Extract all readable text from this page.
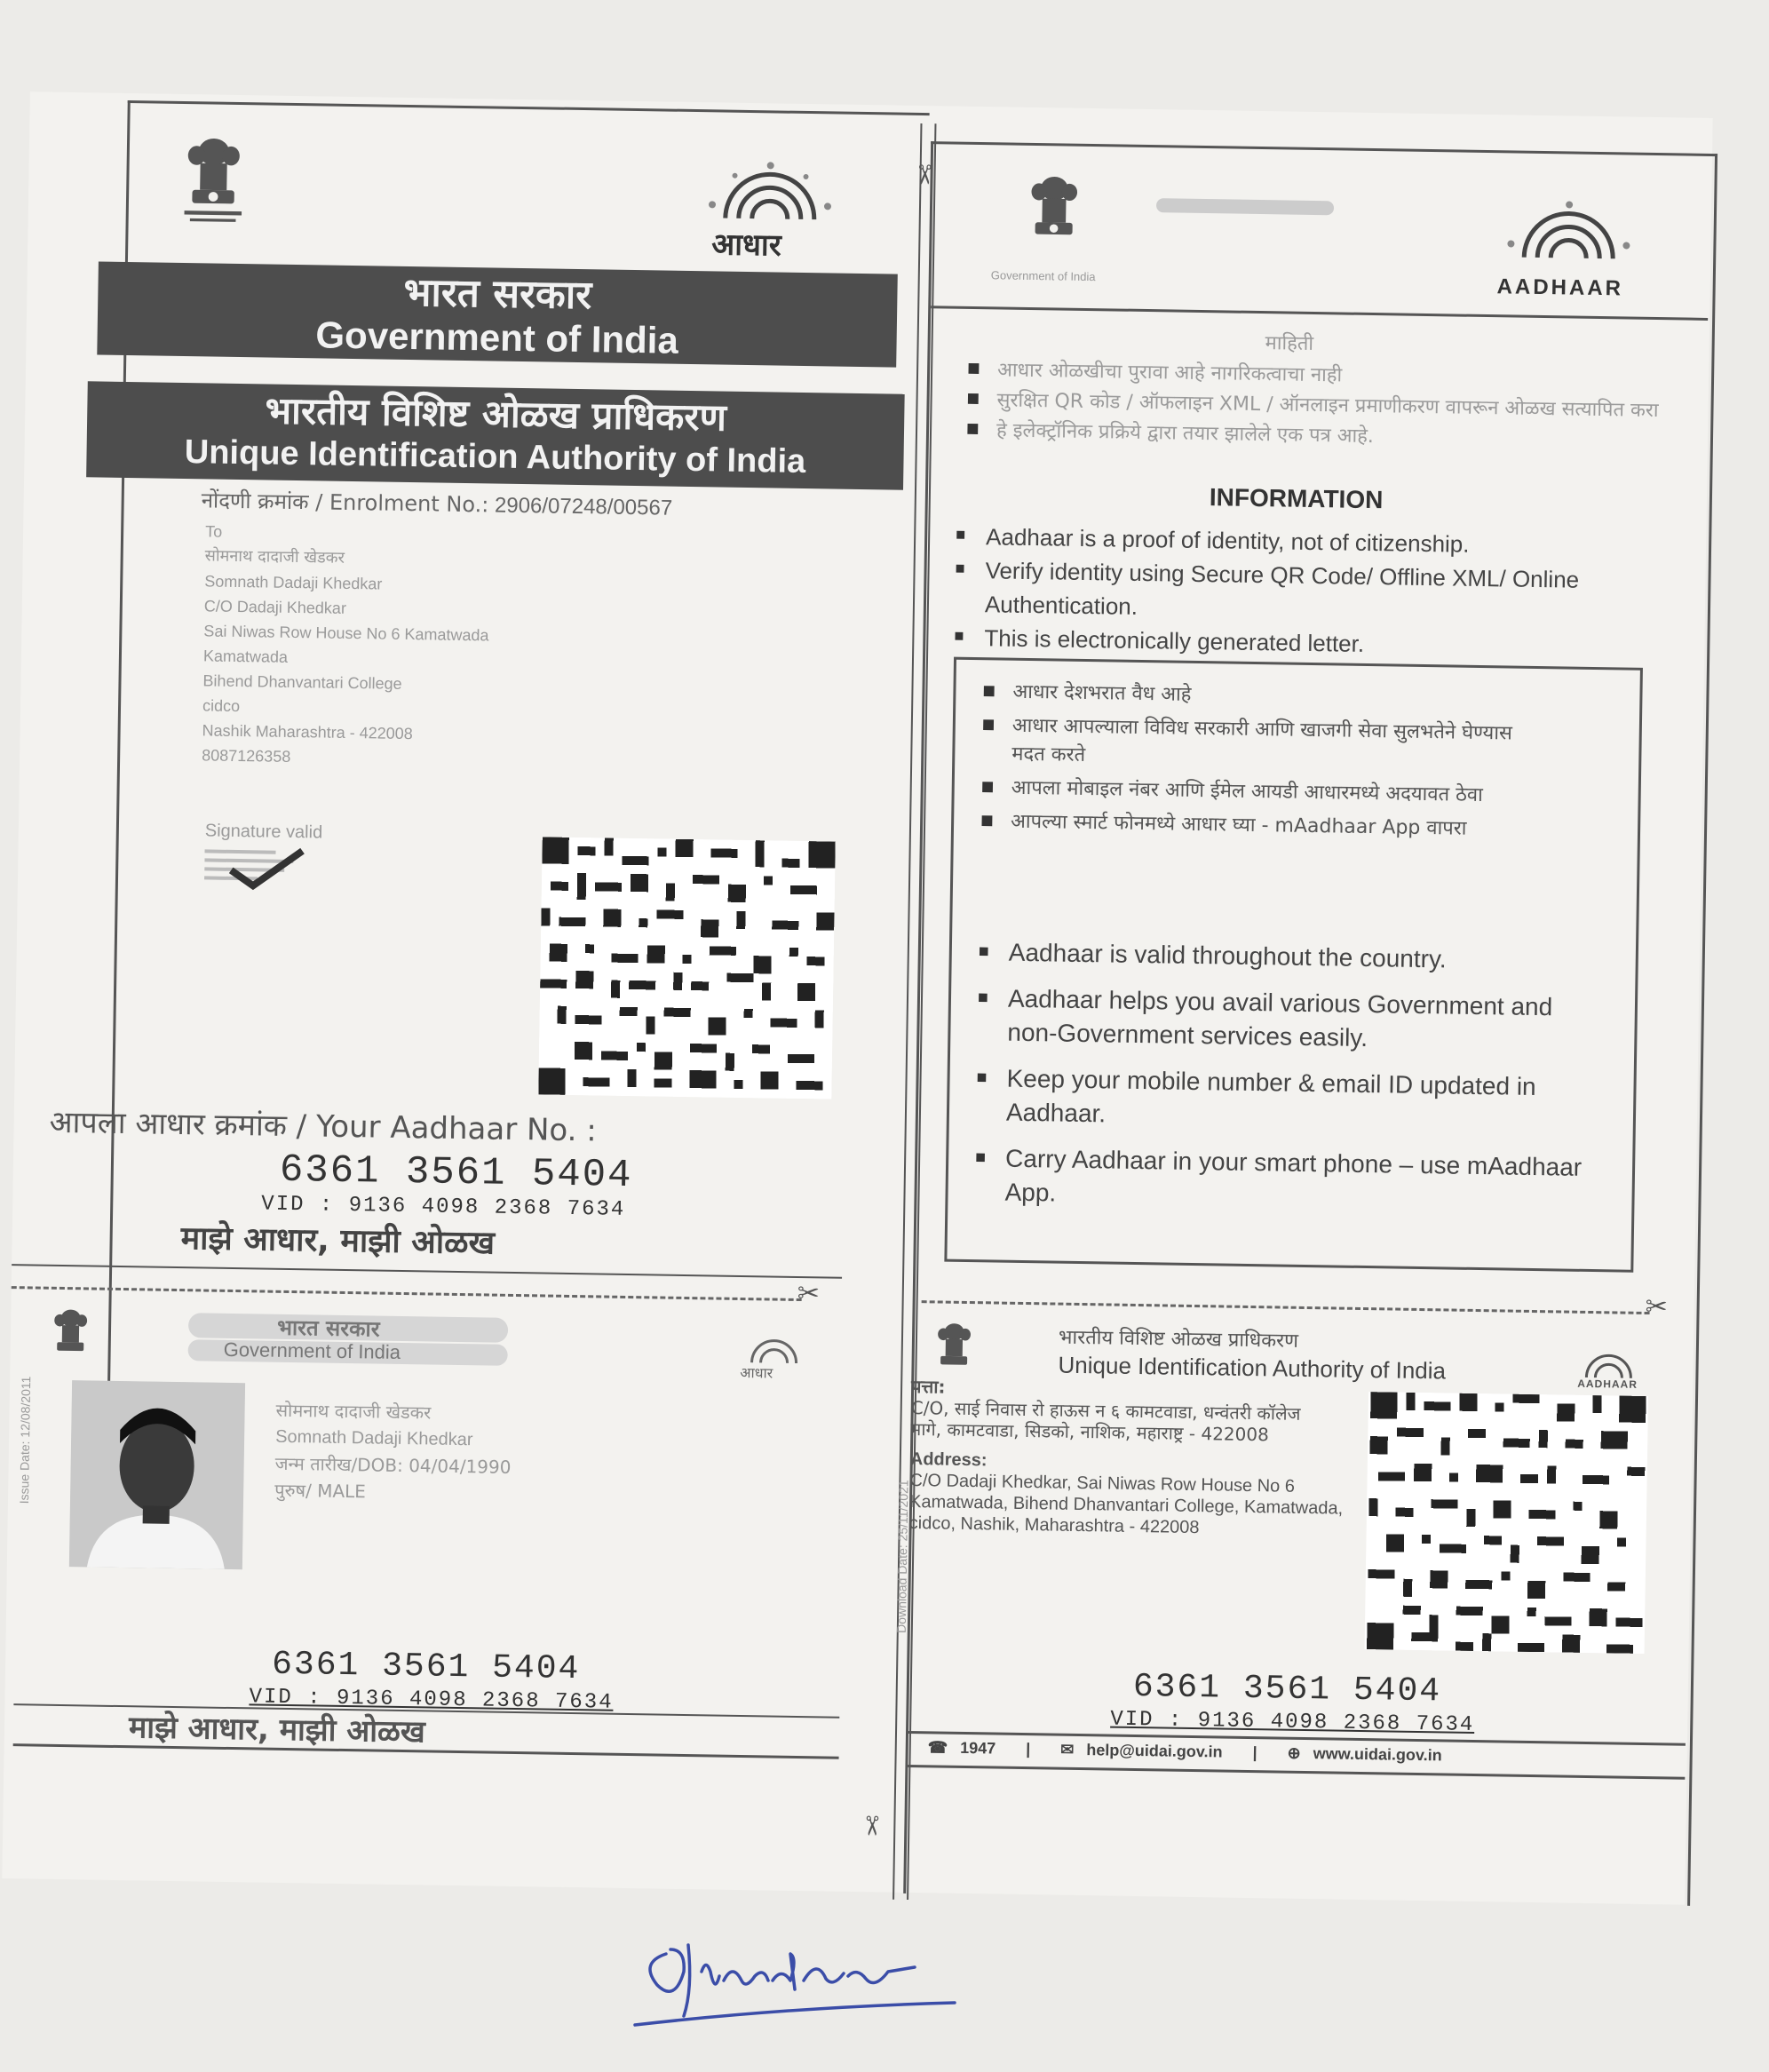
✂
✂
आधार
भारत सरकार
Government of India
भारतीय विशिष्ट ओळख प्राधिकरण
Unique Identification Authority of India
नोंदणी क्रमांक / Enrolment No.: 2906/07248/00567
To
सोमनाथ दादाजी खेडकर
Somnath Dadaji Khedkar
C/O Dadaji Khedkar
Sai Niwas Row House No 6 Kamatwada
Kamatwada
Bihend Dhanvantari College
cidco
Nashik Maharashtra - 422008
8087126358
Signature valid
आपला आधार क्रमांक / Your Aadhaar No. :
6361 3561 5404
VID : 9136 4098 2368 7634
माझे आधार, माझी ओळख
Government of India	AADHAAR
माहिती
■ आधार ओळखीचा पुरावा आहे नागरिकत्वाचा नाही
■ सुरक्षित QR कोड / ऑफलाइन XML / ऑनलाइन प्रमाणीकरण वापरून ओळख सत्यापित करा
■ हे इलेक्ट्रॉनिक प्रक्रिये द्वारा तयार झालेले एक पत्र आहे.
INFORMATION
■ Aadhaar is a proof of identity, not of citizenship.
■ Verify identity using Secure QR Code/ Offline XML/ Online Authentication.
■ This is electronically generated letter.
■ आधार देशभरात वैध आहे
■ आधार आपल्याला विविध सरकारी आणि खाजगी सेवा सुलभतेने घेण्यास मदत करते
■ आपला मोबाइल नंबर आणि ईमेल आयडी आधारमध्ये अदयावत ठेवा
■ आपल्या स्मार्ट फोनमध्ये आधार घ्या - mAadhaar App वापरा
■ Aadhaar is valid throughout the country.
■ Aadhaar helps you avail various Government and non-Government services easily.
■ Keep your mobile number & email ID updated in Aadhaar.
■ Carry Aadhaar in your smart phone – use mAadhaar App.
✂	✂
भारत सरकार
Government of India
आधार
Issue Date: 12/08/2011	सोमनाथ दादाजी खेडकर
Somnath Dadaji Khedkar
जन्म तारीख/DOB: 04/04/1990
पुरुष/ MALE
6361 3561 5404
VID : 9136 4098 2368 7634
माझे आधार, माझी ओळख
भारतीय विशिष्ट ओळख प्राधिकरण
Unique Identification Authority of India	AADHAAR
Download Date: 25/11/2021
पत्ता:
C/O, साई निवास रो हाऊस न ६ कामटवाडा, धन्वंतरी कॉलेज मागे, कामटवाडा, सिडको, नाशिक, महाराष्ट्र - 422008
Address:
C/O Dadaji Khedkar, Sai Niwas Row House No 6 Kamatwada, Bihend Dhanvantari College, Kamatwada, cidco, Nashik, Maharashtra - 422008
6361 3561 5404
VID : 9136 4098 2368 7634
☎ 1947 | ✉ help@uidai.gov.in | ⊕ www.uidai.gov.in
